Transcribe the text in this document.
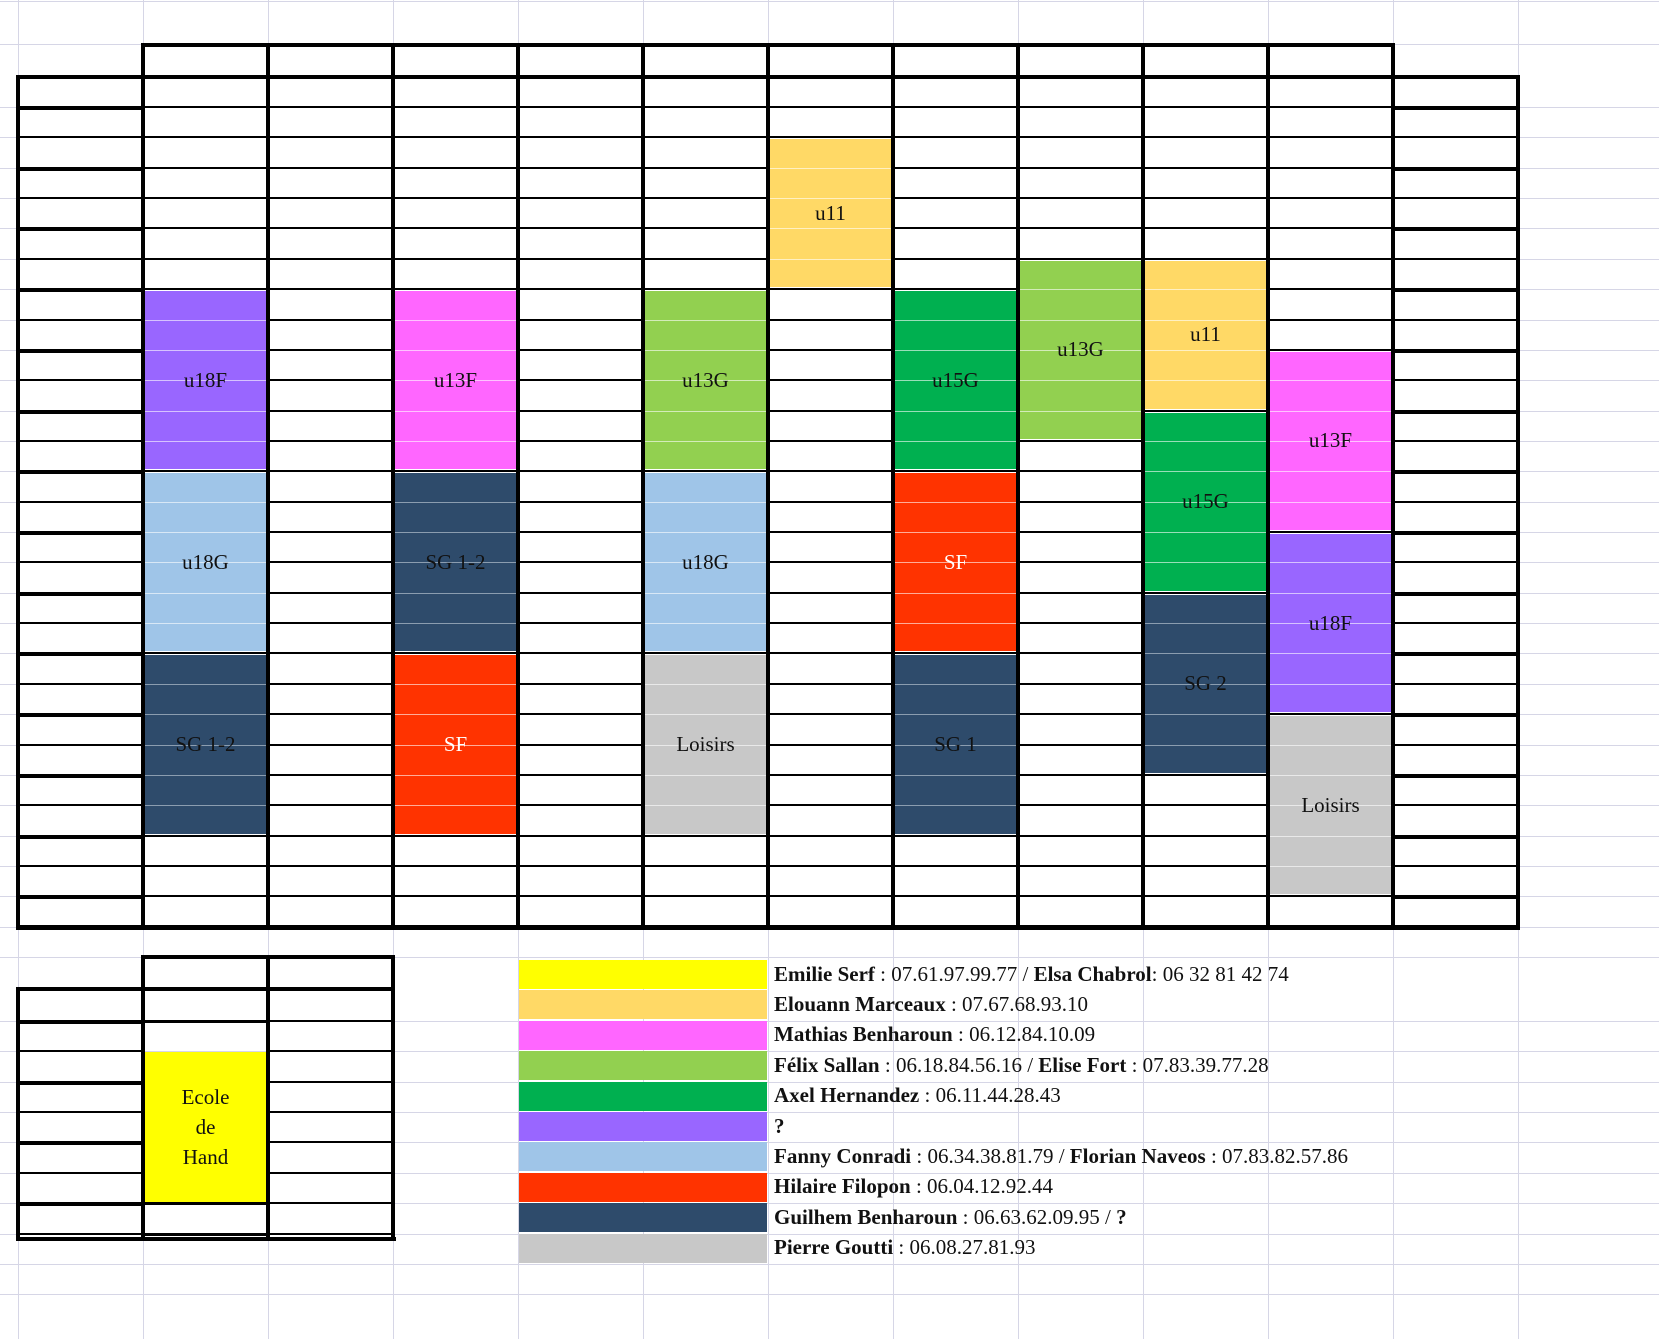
u18F
u18G
SG 1-2
u13F
SG 1-2
SF
u13G
u18G
Loisirs
u11
u15G
SF
SG 1
u13G
u11
u15G
SG 2
u13F
u18F
Loisirs
Ecole
de
Hand
Emilie Serf : 07.61.97.99.77 / Elsa Chabrol : 06 32 81 42 74
Elouann Marceaux : 07.67.68.93.10
Mathias Benharoun : 06.12.84.10.09
Félix Sallan : 06.18.84.56.16 / Elise Fort : 07.83.39.77.28
Axel Hernandez : 06.11.44.28.43
?
Fanny Conradi : 06.34.38.81.79 / Florian Naveos : 07.83.82.57.86
Hilaire Filopon : 06.04.12.92.44
Guilhem Benharoun : 06.63.62.09.95 / ?
Pierre Goutti : 06.08.27.81.93
